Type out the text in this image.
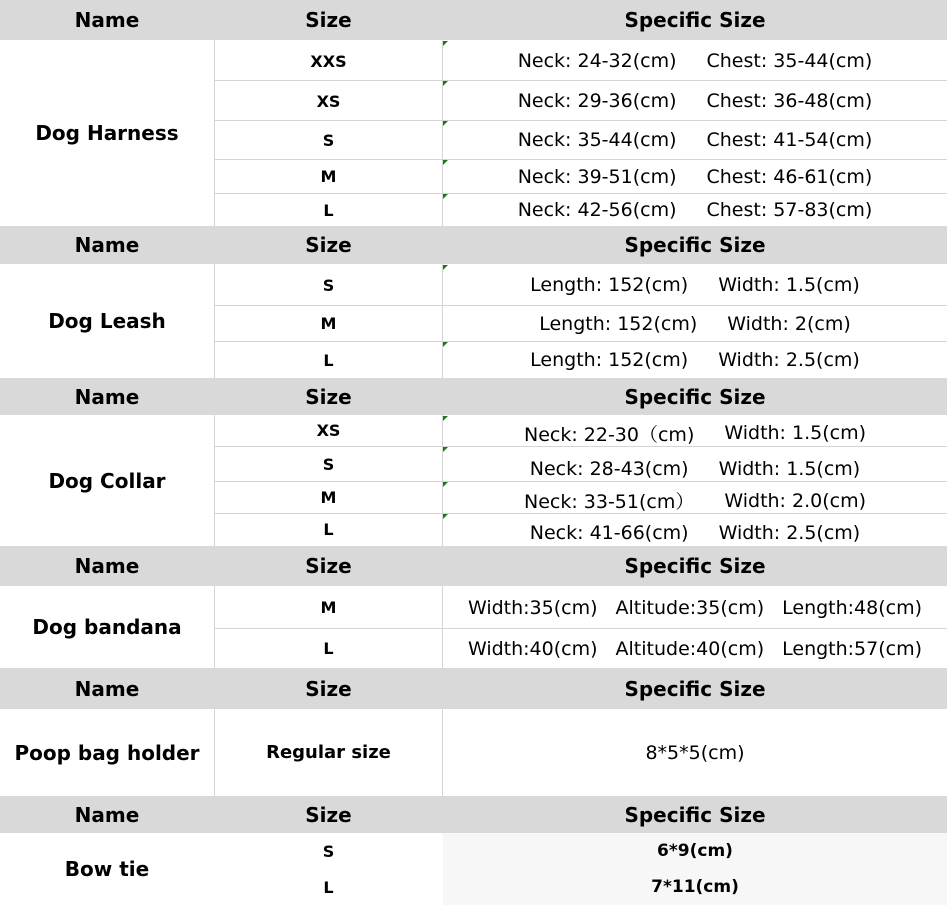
Name	Size	Specific Size
Dog Harness
XXS	Neck: 24-32(cm) Chest: 35-44(cm)
XS	Neck: 29-36(cm) Chest: 36-48(cm)
S	Neck: 35-44(cm) Chest: 41-54(cm)
M	Neck: 39-51(cm) Chest: 46-61(cm)
L	Neck: 42-56(cm) Chest: 57-83(cm)
Name	Size	Specific Size
Dog Leash
S	Length: 152(cm) Width: 1.5(cm)
M	Length: 152(cm) Width: 2(cm)
L	Length: 152(cm) Width: 2.5(cm)
Name	Size	Specific Size
Dog Collar
XS	Neck: 22-30（cm) Width: 1.5(cm)
S	Neck: 28-43(cm) Width: 1.5(cm)
M	Neck: 33-51(cm） Width: 2.0(cm)
L	Neck: 41-66(cm) Width: 2.5(cm)
Name	Size	Specific Size
Dog bandana
M	Width:35(cm) Altitude:35(cm) Length:48(cm)
L	Width:40(cm) Altitude:40(cm) Length:57(cm)
Name	Size	Specific Size
Poop bag holder	Regular size	8*5*5(cm)
Name	Size	Specific Size
Bow tie
S	6*9(cm)
L	7*11(cm)
